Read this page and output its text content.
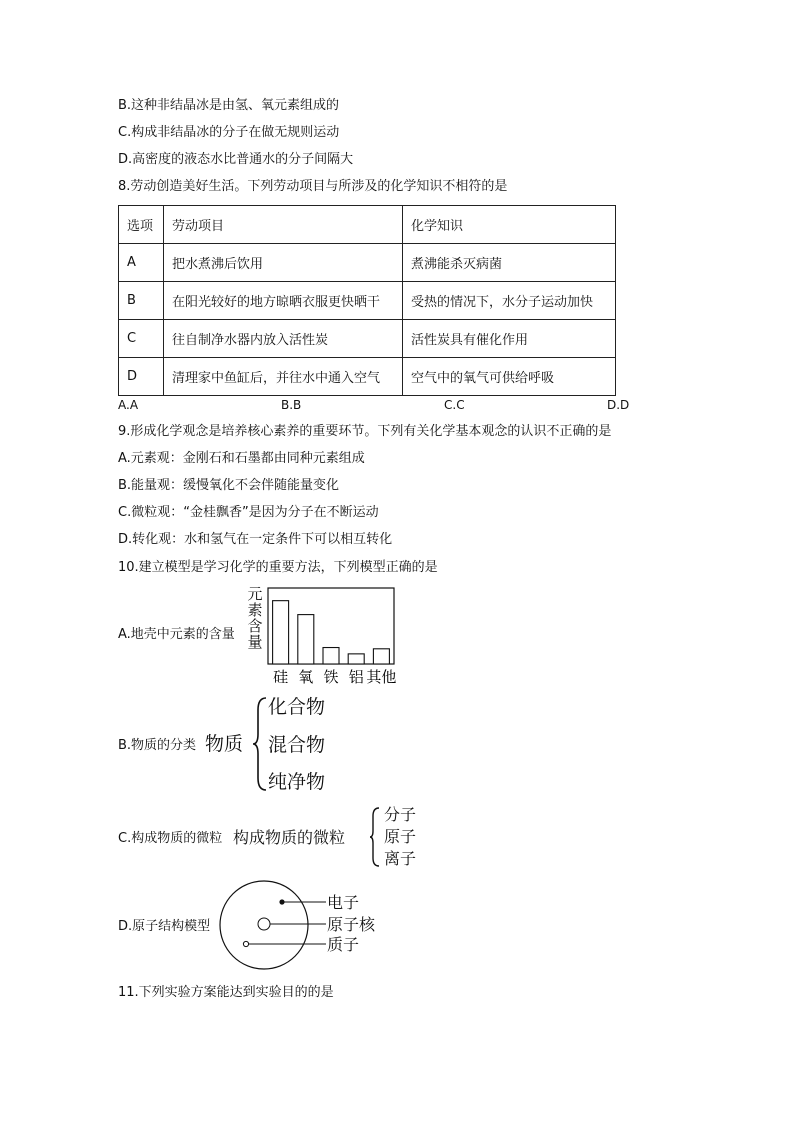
B.这种非结晶冰是由氢、氧元素组成的
C.构成非结晶冰的分子在做无规则运动
D.高密度的液态水比普通水的分子间隔大
8.劳动创造美好生活。下列劳动项目与所涉及的化学知识不相符的是
选项	劳动项目	化学知识
A	把水煮沸后饮用	煮沸能杀灭病菌
B	在阳光较好的地方晾晒衣服更快晒干	受热的情况下，水分子运动加快
C	往自制净水器内放入活性炭	活性炭具有催化作用
D	清理家中鱼缸后，并往水中通入空气	空气中的氧气可供给呼吸
A.A	B.B	C.C	D.D
9.形成化学观念是培养核心素养的重要环节。下列有关化学基本观念的认识不正确的是
A.元素观：金刚石和石墨都由同种元素组成
B.能量观：缓慢氧化不会伴随能量变化
C.微粒观：“金桂飘香”是因为分子在不断运动
D.转化观：水和氢气在一定条件下可以相互转化
10.建立模型是学习化学的重要方法，下列模型正确的是
A.地壳中元素的含量
元素含量
硅 氧 铁 铝 其他
B.物质的分类 物质
化合物
混合物
纯净物
C.构成物质的微粒 构成物质的微粒
分子
原子
离子
D.原子结构模型
电子
原子核
质子
11.下列实验方案能达到实验目的的是
